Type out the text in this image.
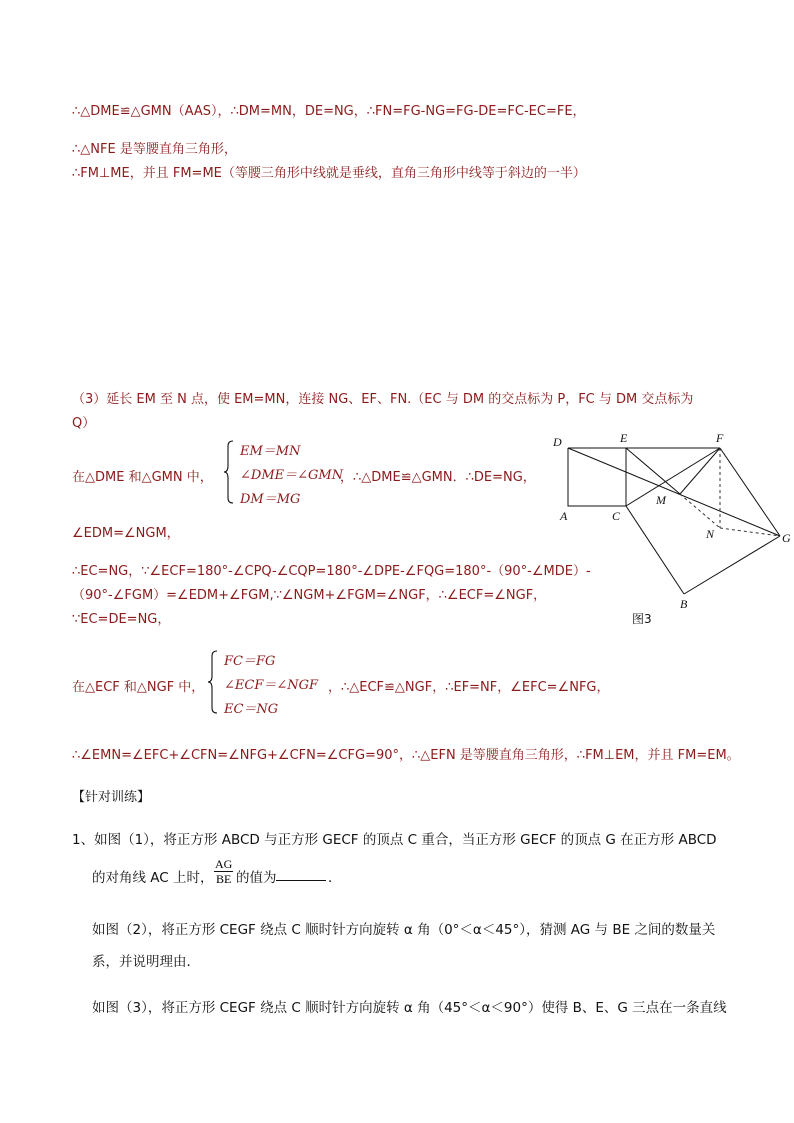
∴△DME≌△GMN（AAS），∴DM=MN，DE=NG，∴FN=FG-NG=FG-DE=FC-EC=FE，
∴△NFE 是等腰直角三角形，
∴FM⊥ME，并且 FM=ME（等腰三角形中线就是垂线，直角三角形中线等于斜边的一半）
（3）延长 EM 至 N 点，使 EM=MN，连接 NG、EF、FN.（EC 与 DM 的交点标为 P，FC 与 DM 交点标为
Q）
在△DME 和△GMN 中，
EM＝MN
∠DME＝∠GMN
DM＝MG
，∴△DME≌△GMN．∴DE=NG，
∠EDM=∠NGM，
∴EC=NG，∵∠ECF=180°-∠CPQ-∠CQP=180°-∠DPE-∠FQG=180°-（90°-∠MDE）-
（90°-∠FGM）=∠EDM+∠FGM,∵∠NGM+∠FGM=∠NGF，∴∠ECF=∠NGF，
∵EC=DE=NG，
在△ECF 和△NGF 中，
FC＝FG
∠ECF＝∠NGF
EC＝NG
，∴△ECF≌△NGF，∴EF=NF，∠EFC=∠NFG，
∴∠EMN=∠EFC+∠CFN=∠NFG+∠CFN=∠CFG=90°，∴△EFN 是等腰直角三角形，∴FM⊥EM，并且 FM=EM。
D	E	F
A	C
M
N	G
B
图3
【针对训练】
1、如图（1），将正方形 ABCD 与正方形 GECF 的顶点 C 重合，当正方形 GECF 的顶点 G 在正方形 ABCD
的对角线 AC 上时， $\frac{AG}{BE}$ 的值为	．
如图（2），将正方形 CEGF 绕点 C 顺时针方向旋转 α 角（0°＜α＜45°），猜测 AG 与 BE 之间的数量关
系，并说明理由．
如图（3），将正方形 CEGF 绕点 C 顺时针方向旋转 α 角（45°＜α＜90°）使得 B、E、G 三点在一条直线
